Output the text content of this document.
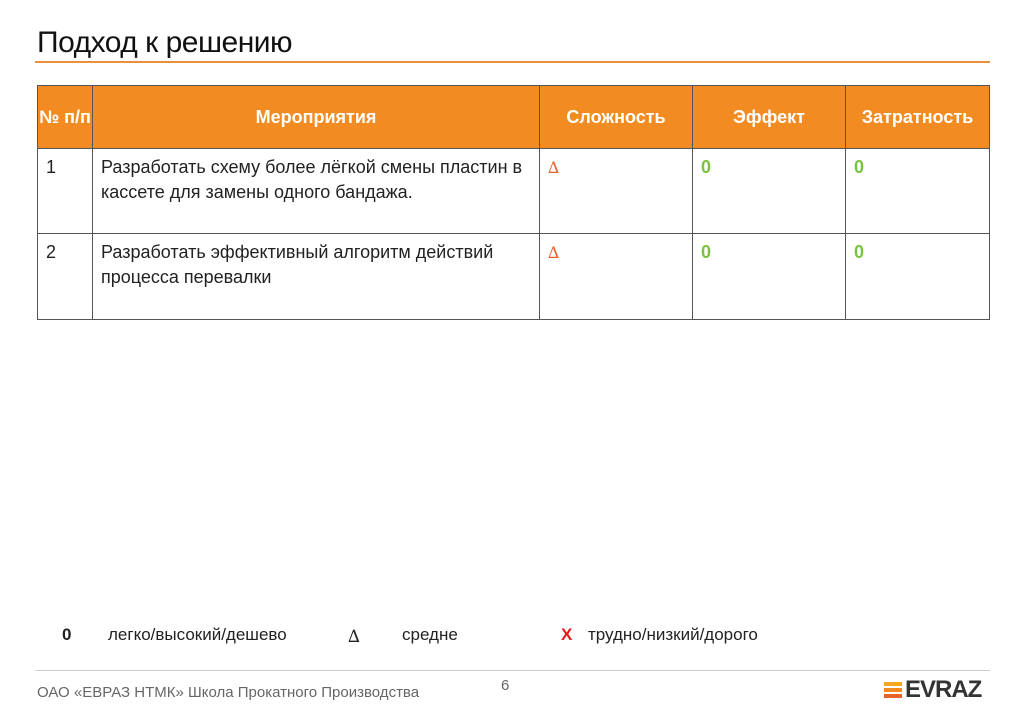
Подход к решению
№ п/п	Мероприятия	Сложность	Эффект	Затратность
1	Разработать схему более лёгкой смены пластин в кассете для замены одного бандажа.	∆	0	0
2	Разработать эффективный алгоритм действий процесса перевалки	∆	0	0
0 легко/высокий/дешево	∆ средне	X трудно/низкий/дорого
ОАО «ЕВРАЗ НТМК» Школа Прокатного Производства	6	EVRAZ
